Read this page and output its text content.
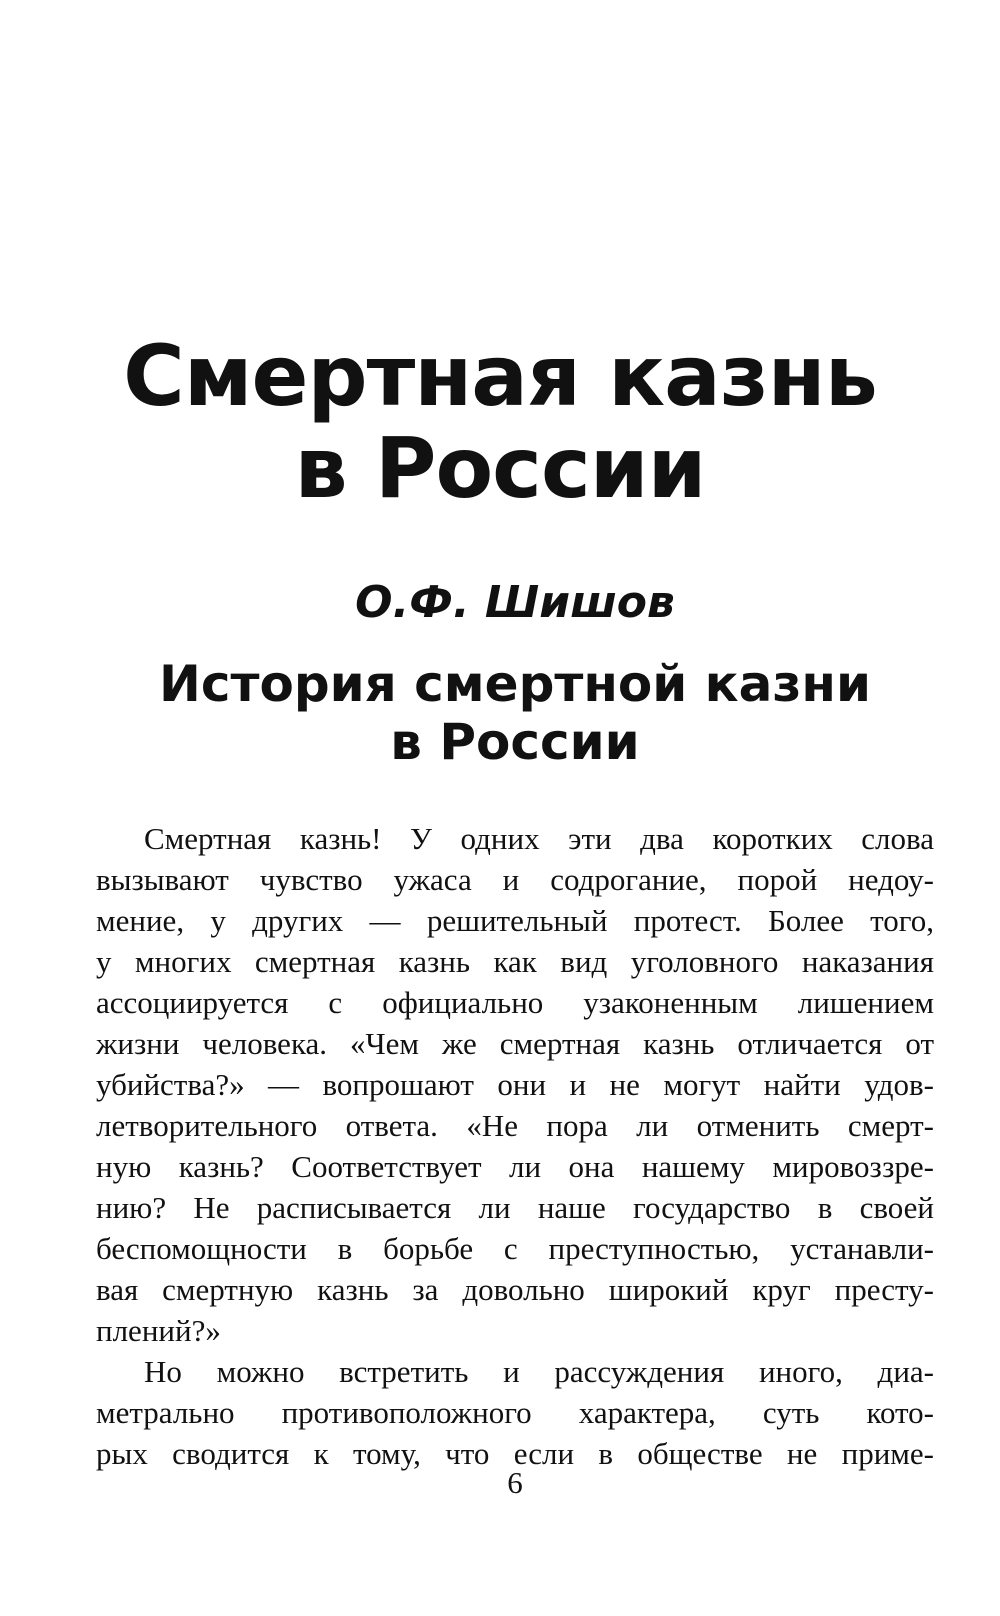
Смертная казнь
в России
О.Ф. Шишов
История смертной казни
в России
Смертная казнь! У одних эти два коротких слова
вызывают чувство ужаса и содрогание, порой недоу-
мение, у других — решительный протест. Более того,
у многих смертная казнь как вид уголовного наказания
ассоциируется с официально узаконенным лишением
жизни человека. «Чем же смертная казнь отличается от
убийства?» — вопрошают они и не могут найти удов-
летворительного ответа. «Не пора ли отменить смерт-
ную казнь? Соответствует ли она нашему мировоззре-
нию? Не расписывается ли наше государство в своей
беспомощности в борьбе с преступностью, устанавли-
вая смертную казнь за довольно широкий круг престу-
плений?»
Но можно встретить и рассуждения иного, диа-
метрально противоположного характера, суть кото-
рых сводится к тому, что если в обществе не приме-
6
